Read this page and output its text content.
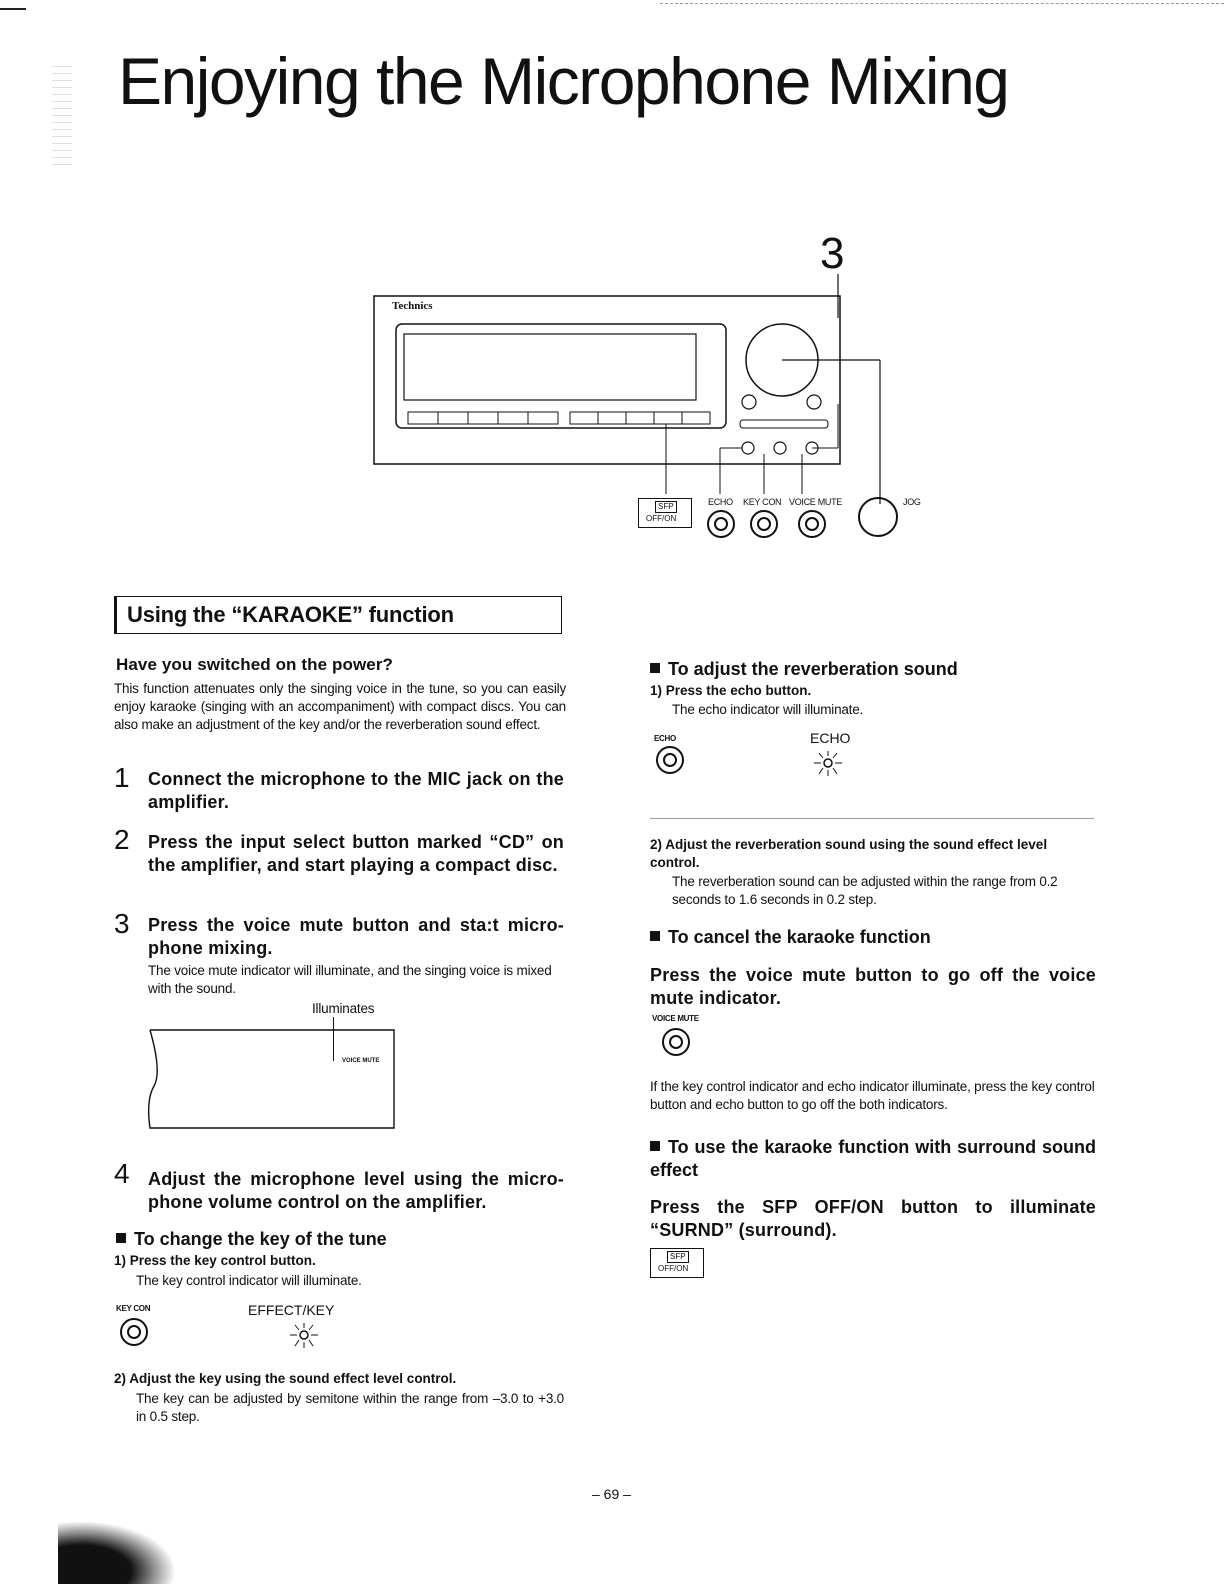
Enjoying the Microphone Mixing
3
Technics
SFP
OFF/ON
ECHO KEY CON VOICE MUTE	JOG
Using the “KARAOKE” function
Have you switched on the power?
This function attenuates only the singing voice in the tune, so you can easily enjoy karaoke (singing with an accompaniment) with compact discs. You can also make an adjustment of the key and/or the reverberation sound effect.
1 Connect the microphone to the MIC jack on the amplifier.
2 Press the input select button marked “CD” on the amplifier, and start playing a compact disc.
3 Press the voice mute button and sta:t micro-phone mixing.
The voice mute indicator will illuminate, and the singing voice is mixed with the sound.
Illuminates
VOICE MUTE
4 Adjust the microphone level using the micro-phone volume control on the amplifier.
To change the key of the tune
1) Press the key control button.
The key control indicator will illuminate.
KEY CON	EFFECT/KEY
2) Adjust the key using the sound effect level control.
The key can be adjusted by semitone within the range from –3.0 to +3.0 in 0.5 step.
To adjust the reverberation sound
1) Press the echo button.
The echo indicator will illuminate.
ECHO	ECHO
2) Adjust the reverberation sound using the sound effect level control.
The reverberation sound can be adjusted within the range from 0.2 seconds to 1.6 seconds in 0.2 step.
To cancel the karaoke function
Press the voice mute button to go off the voice mute indicator.
VOICE MUTE
If the key control indicator and echo indicator illuminate, press the key control button and echo button to go off the both indicators.
To use the karaoke function with surround sound effect
Press the SFP OFF/ON button to illuminate “SURND” (surround).
SFP
OFF/ON
– 69 –
